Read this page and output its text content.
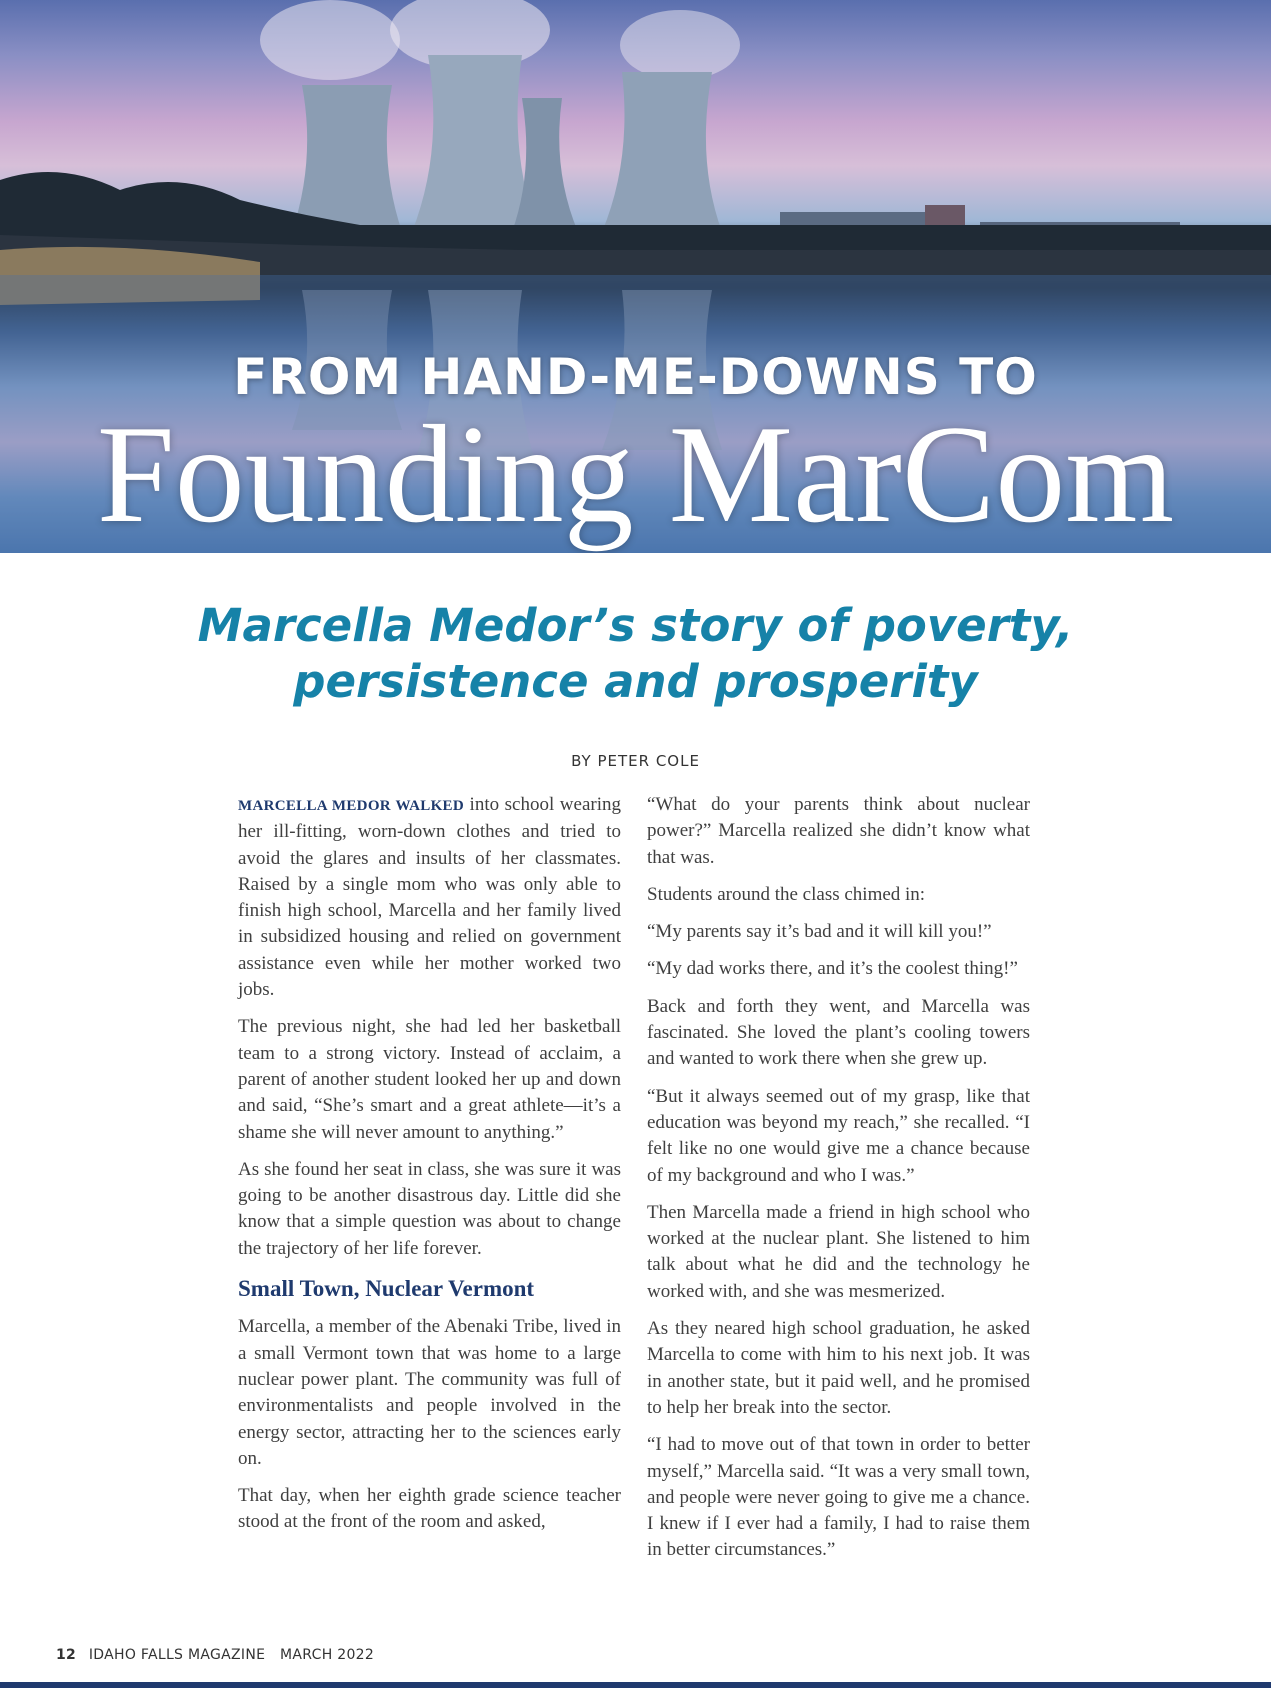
FROM HAND-ME-DOWNS TO
Founding MarCom
Marcella Medor’s story of poverty,
persistence and prosperity
BY PETER COLE

MARCELLA MEDOR WALKED into school wearing her ill-fitting, worn-down clothes and tried to avoid the glares and insults of her classmates. Raised by a single mom who was only able to finish high school, Marcella and her family lived in subsidized housing and relied on government assistance even while her mother worked two jobs.

The previous night, she had led her basketball team to a strong victory. Instead of acclaim, a parent of another student looked her up and down and said, “She’s smart and a great athlete—it’s a shame she will never amount to anything.”

As she found her seat in class, she was sure it was going to be another disastrous day. Little did she know that a simple question was about to change the trajectory of her life forever.

Small Town, Nuclear Vermont

Marcella, a member of the Abenaki Tribe, lived in a small Vermont town that was home to a large nuclear power plant. The community was full of environmentalists and people involved in the energy sector, attracting her to the sciences early on.

That day, when her eighth grade science teacher stood at the front of the room and asked,

“What do your parents think about nuclear power?” Marcella realized she didn’t know what that was.

Students around the class chimed in:

“My parents say it’s bad and it will kill you!”

“My dad works there, and it’s the coolest thing!”

Back and forth they went, and Marcella was fascinated. She loved the plant’s cooling towers and wanted to work there when she grew up.

“But it always seemed out of my grasp, like that education was beyond my reach,” she recalled. “I felt like no one would give me a chance because of my background and who I was.”

Then Marcella made a friend in high school who worked at the nuclear plant. She listened to him talk about what he did and the technology he worked with, and she was mesmerized.

As they neared high school graduation, he asked Marcella to come with him to his next job. It was in another state, but it paid well, and he promised to help her break into the sector.

“I had to move out of that town in order to better myself,” Marcella said. “It was a very small town, and people were never going to give me a chance. I knew if I ever had a family, I had to raise them in better circumstances.”

12 IDAHO FALLS MAGAZINE MARCH 2022
